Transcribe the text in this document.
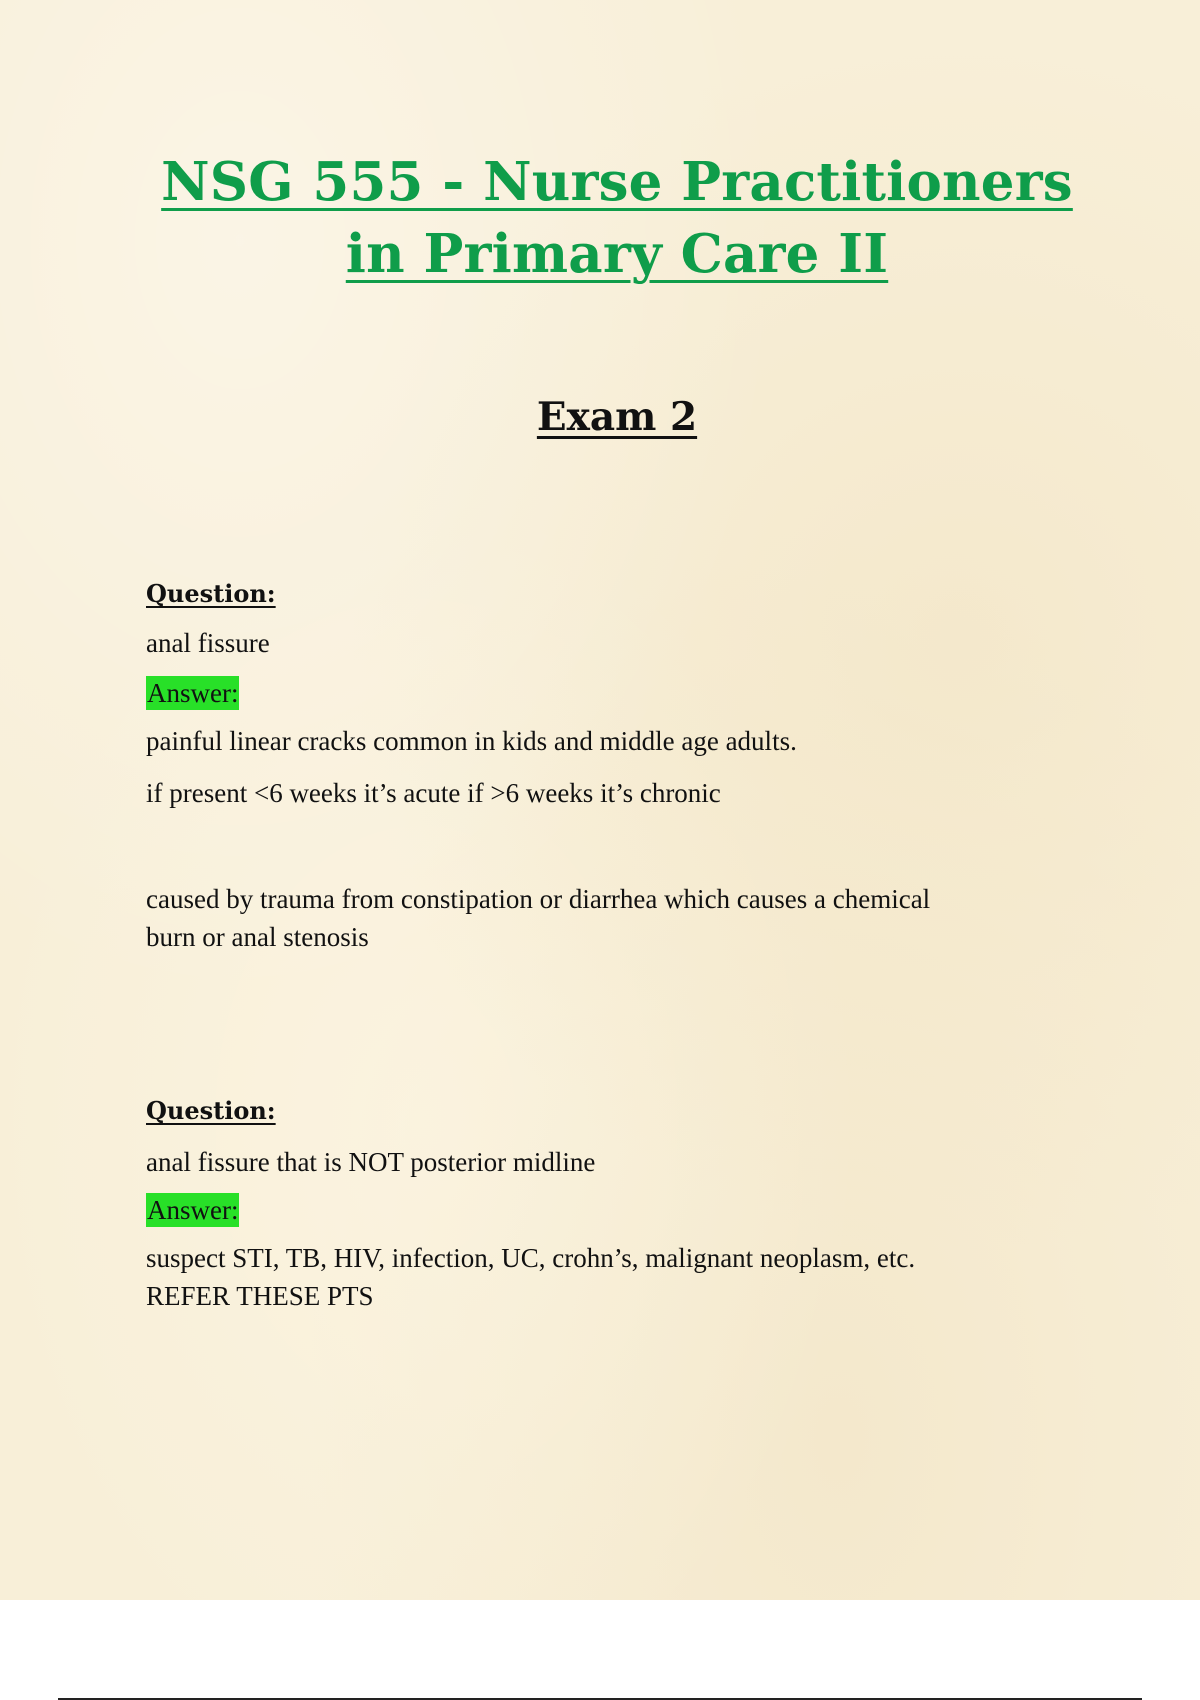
NSG 555 - Nurse Practitioners
in Primary Care II
Exam 2
Question:
anal fissure
Answer:
painful linear cracks common in kids and middle age adults.
if present <6 weeks it’s acute if >6 weeks it’s chronic
caused by trauma from constipation or diarrhea which causes a chemical
burn or anal stenosis
Question:
anal fissure that is NOT posterior midline
Answer:
suspect STI, TB, HIV, infection, UC, crohn’s, malignant neoplasm, etc.
REFER THESE PTS
